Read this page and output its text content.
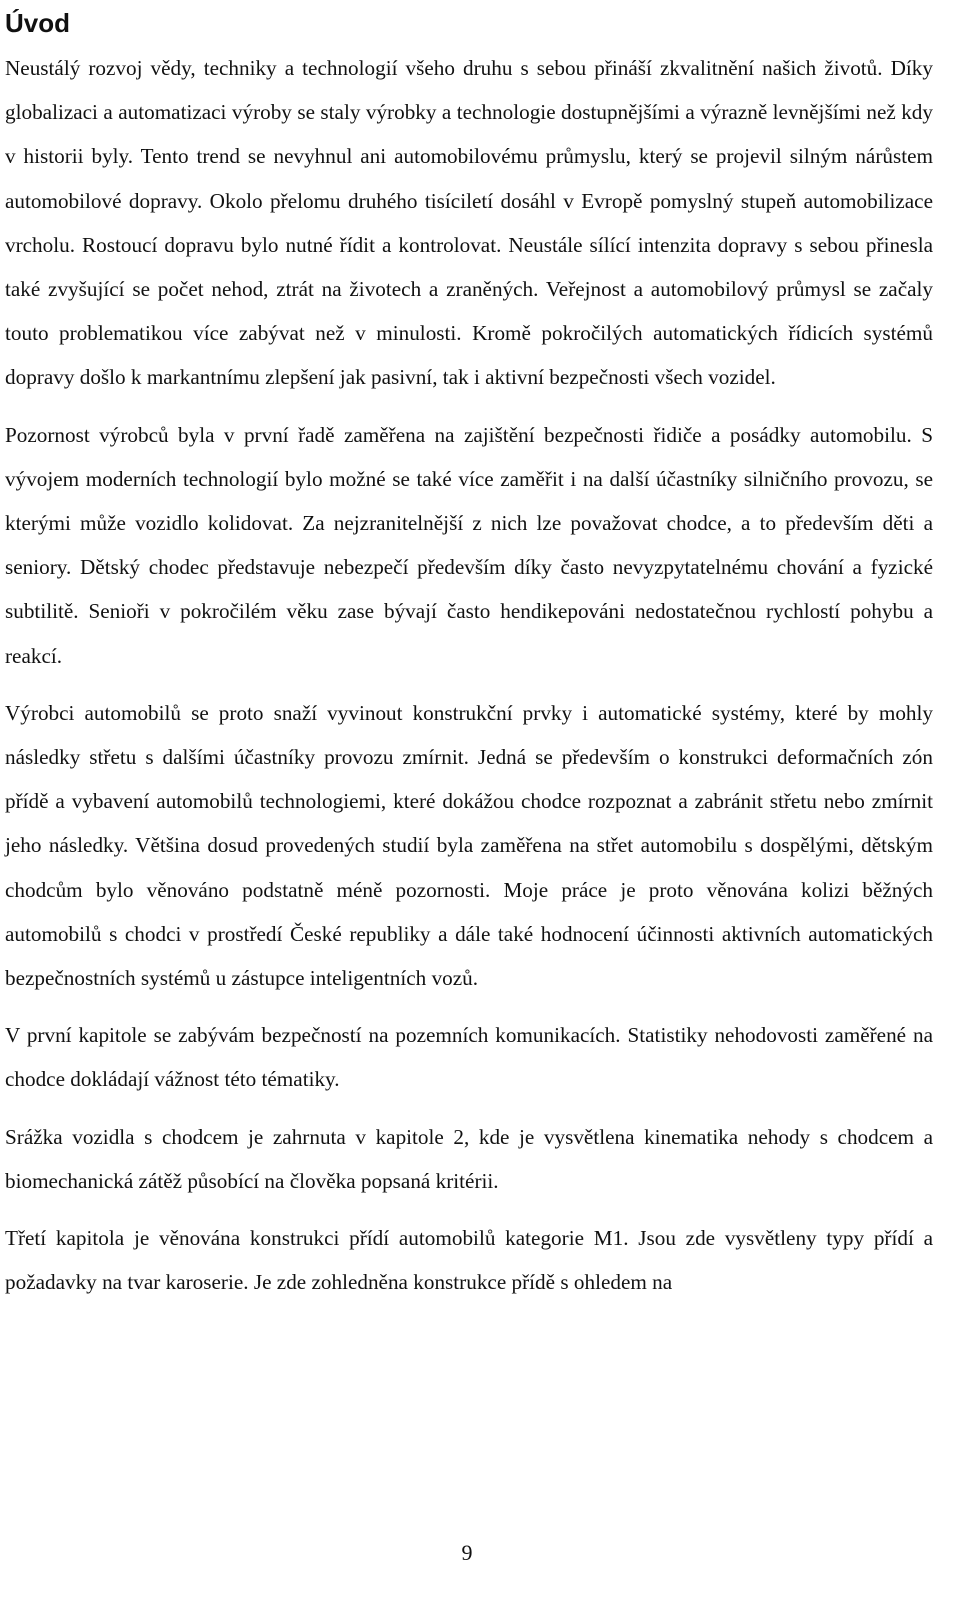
Úvod

Neustálý rozvoj vědy, techniky a technologií všeho druhu s sebou přináší zkvalitnění našich životů. Díky globalizaci a automatizaci výroby se staly výrobky a technologie dostupnějšími a výrazně levnějšími než kdy v historii byly. Tento trend se nevyhnul ani automobilovému průmyslu, který se projevil silným nárůstem automobilové dopravy. Okolo přelomu druhého tisíciletí dosáhl v Evropě pomyslný stupeň automobilizace vrcholu. Rostoucí dopravu bylo nutné řídit a kontrolovat. Neustále sílící intenzita dopravy s sebou přinesla také zvyšující se počet nehod, ztrát na životech a zraněných. Veřejnost a automobilový průmysl se začaly touto problematikou více zabývat než v minulosti. Kromě pokročilých automatických řídicích systémů dopravy došlo k markantnímu zlepšení jak pasivní, tak i aktivní bezpečnosti všech vozidel.

Pozornost výrobců byla v první řadě zaměřena na zajištění bezpečnosti řidiče a posádky automobilu. S vývojem moderních technologií bylo možné se také více zaměřit i na další účastníky silničního provozu, se kterými může vozidlo kolidovat. Za nejzranitelnější z nich lze považovat chodce, a to především děti a seniory. Dětský chodec představuje nebezpečí především díky často nevyzpytatelnému chování a fyzické subtilitě. Senioři v pokročilém věku zase bývají často hendikepováni nedostatečnou rychlostí pohybu a reakcí.

Výrobci automobilů se proto snaží vyvinout konstrukční prvky i automatické systémy, které by mohly následky střetu s dalšími účastníky provozu zmírnit. Jedná se především o konstrukci deformačních zón přídě a vybavení automobilů technologiemi, které dokážou chodce rozpoznat a zabránit střetu nebo zmírnit jeho následky. Většina dosud provedených studií byla zaměřena na střet automobilu s dospělými, dětským chodcům bylo věnováno podstatně méně pozornosti. Moje práce je proto věnována kolizi běžných automobilů s chodci v prostředí České republiky a dále také hodnocení účinnosti aktivních automatických bezpečnostních systémů u zástupce inteligentních vozů.

V první kapitole se zabývám bezpečností na pozemních komunikacích. Statistiky nehodovosti zaměřené na chodce dokládají vážnost této tématiky.

Srážka vozidla s chodcem je zahrnuta v kapitole 2, kde je vysvětlena kinematika nehody s chodcem a biomechanická zátěž působící na člověka popsaná kritérii.

Třetí kapitola je věnována konstrukci přídí automobilů kategorie M1. Jsou zde vysvětleny typy přídí a požadavky na tvar karoserie. Je zde zohledněna konstrukce přídě s ohledem na

9
